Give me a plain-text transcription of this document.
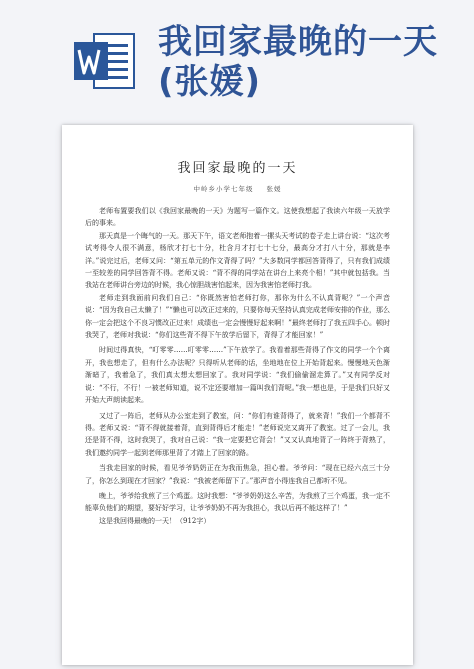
我回家最晚的一天(张媛)
我回家最晚的一天
中岭乡小学七年级 张媛

老师布置要我们以《我回家最晚的一天》为题写一篇作文。这使我想起了我读六年级一天放学后的事来。

那天真是一个晦气的一天。那天下午，语文老师抱着一摞头天考试的卷子走上讲台说：“这次考试考得令人很不满意，杨欣才打七十分，杜含月才打七十七分，最高分才打八十分，那就是李洋。”说完过后，老师又问：“第五单元的作文背得了吗？”大多数同学都回答背得了，只有我们成绩一至较差的同学回答背不得。老师又说：“背不得的同学站在讲台上来亮个相！”其中就包括我。当我站在老师讲台旁边的时候，我心惊胆战害怕起来，因为我害怕老师打我。

老师走到我面前问我们自己：“你既然害怕老师打你，那你为什么不认真背呢？”一个声音说：“因为我自己太懒了！”“懒也可以改正过来的，只要你每天坚持认真完成老师安排的作业，那么你一定会把这个不良习惯改正过来！成绩也一定会慢慢好起来啊！”最终老师打了我五四手心。顿时我哭了，老师对我说：“你们这些背不得下午放学后留下，背得了才能回家！”

时间过得真快，“叮零零……叮零零……”下午放学了。我看着那些背得了作文的同学一个个离开，我也想走了，但有什么办法呢？只得听从老师的话，坐地地在位上开始背起来。慢慢地天色渐渐暗了，我着急了，我们真太想太想回家了。我对同学说：“我们偷偷溜走算了。”又有同学反对说：“不行，不行！一被老师知道，说不定还要增加一篇叫我们背呢。”我一想也是，于是我们只好又开始大声朗读起来。

又过了一阵后，老师从办公室走到了教室，问：“你们有谁背得了，就来背！”我们一个都背不得。老师又说：“背不得就接着背，直到背得后才能走！”老师说完又离开了教室。过了一会儿，我还是背不得，这时我哭了，我对自己说：“我一定要把它背会！”又又认真地背了一阵终于背熟了，我们邀约同学一起到老师那里背了才踏上了回家的路。

当我走回家的时候，看见爷爷奶奶正在为我而焦急，担心着。爷爷问：“现在已经六点三十分了，你怎么到现在才回家？”我说：“我被老师留下了。”那声音小得连我自己都听不见。

晚上，爷爷给我煎了三个鸡蛋。这时我想：“爷爷奶奶这么辛苦，为我煎了三个鸡蛋，我一定不能辜负他们的期望，要好好学习，让爷爷奶奶不再为我担心，我以后再不能这样了！”

这是我回得最晚的一天！（912字）
